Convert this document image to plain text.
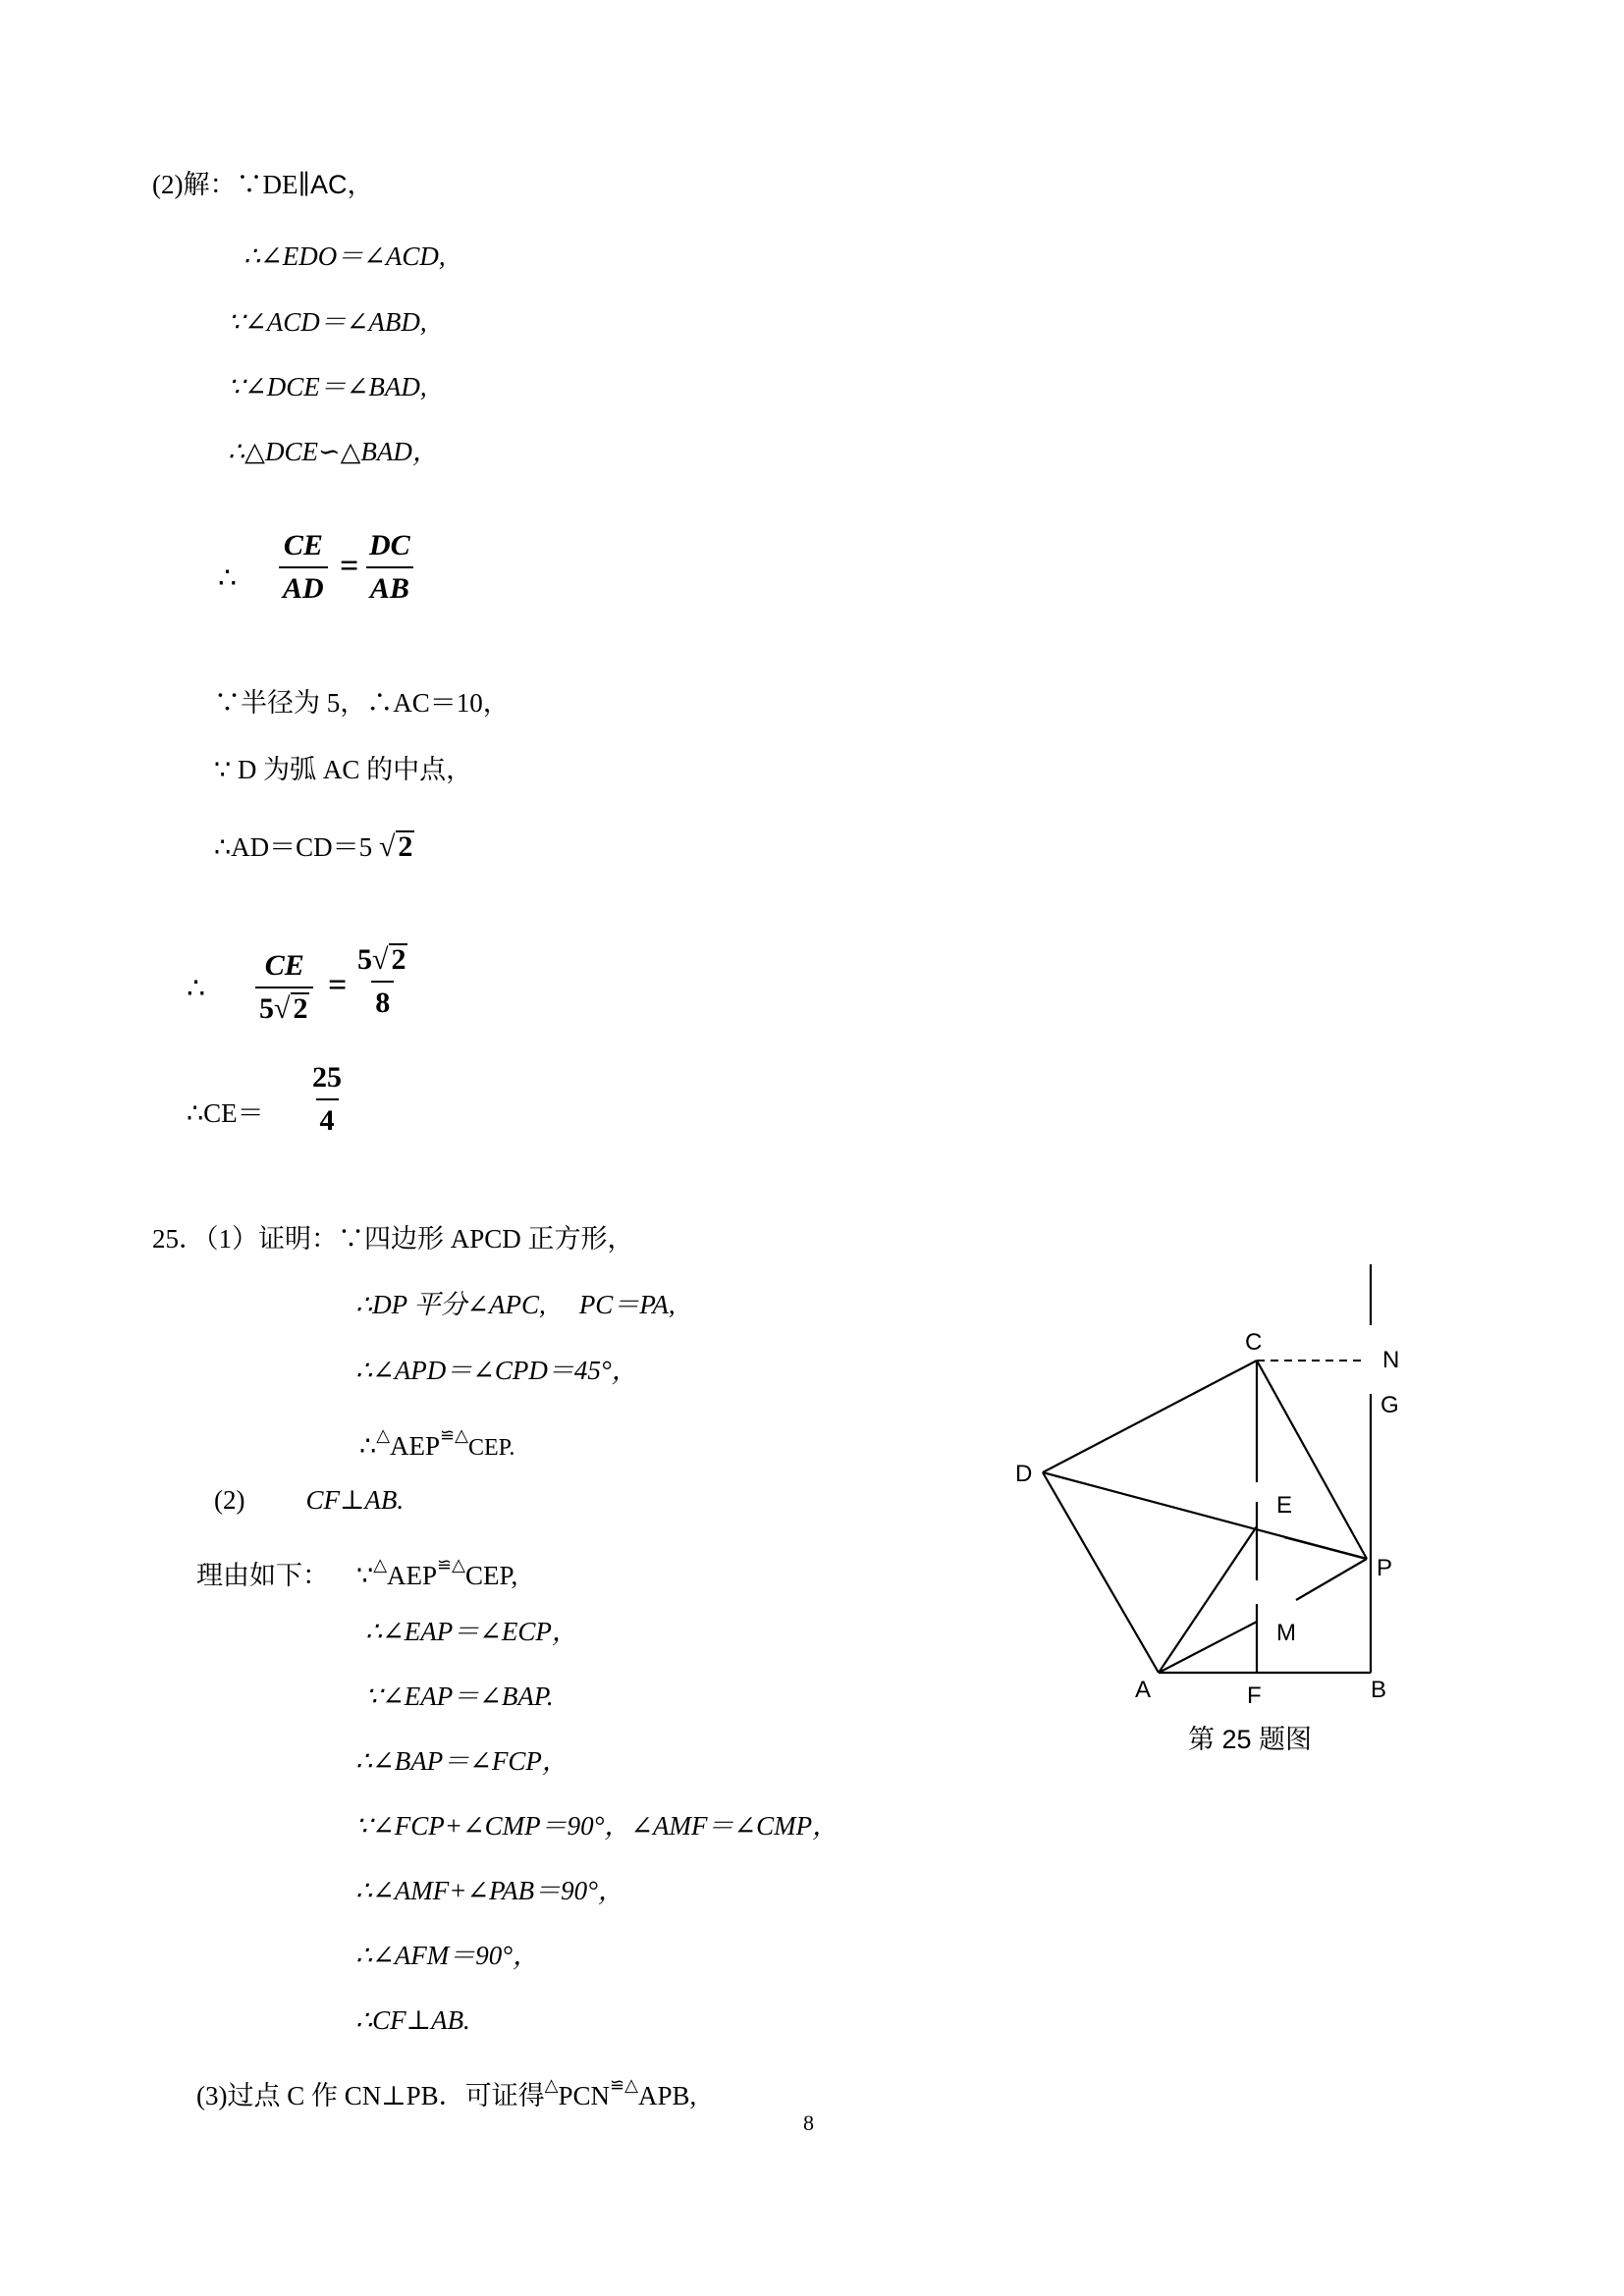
(2)解：∵DE∥AC，
∴∠EDO＝∠ACD,
∵∠ACD＝∠ABD,
∵∠DCE＝∠BAD,
∴△DCE∽△BAD，
∴ $\frac{CE}{AD} = \frac{DC}{AB}$
∵半径为 5，∴AC＝10，
∵ D 为弧 AC 的中点，
∴AD＝CD＝5 √ 2
∴ $\frac{CE}{5√ 2} = \frac{5√ 2}{8}$
∴CE＝ $\frac{25}{4}$
25．（1）证明：∵四边形 APCD 正方形，
∴DP 平分∠APC, PC＝PA,
∴∠APD＝∠CPD＝45°，
∴△AEP≌△CEP.
(2) CF⊥AB.
理由如下： ∵△AEP≌△CEP,
∴∠EAP＝∠ECP，
∵∠EAP＝∠BAP.
∴∠BAP＝∠FCP，
∵∠FCP+∠CMP＝90°，∠AMF＝∠CMP，
∴∠AMF+∠PAB＝90°，
∴∠AFM＝90°，
∴CF⊥AB.
(3)过点 C 作 CN⊥PB．可证得△PCN≌△APB,
C
N
G
D
E
P
M
A	F	B
第 25 题图
8
